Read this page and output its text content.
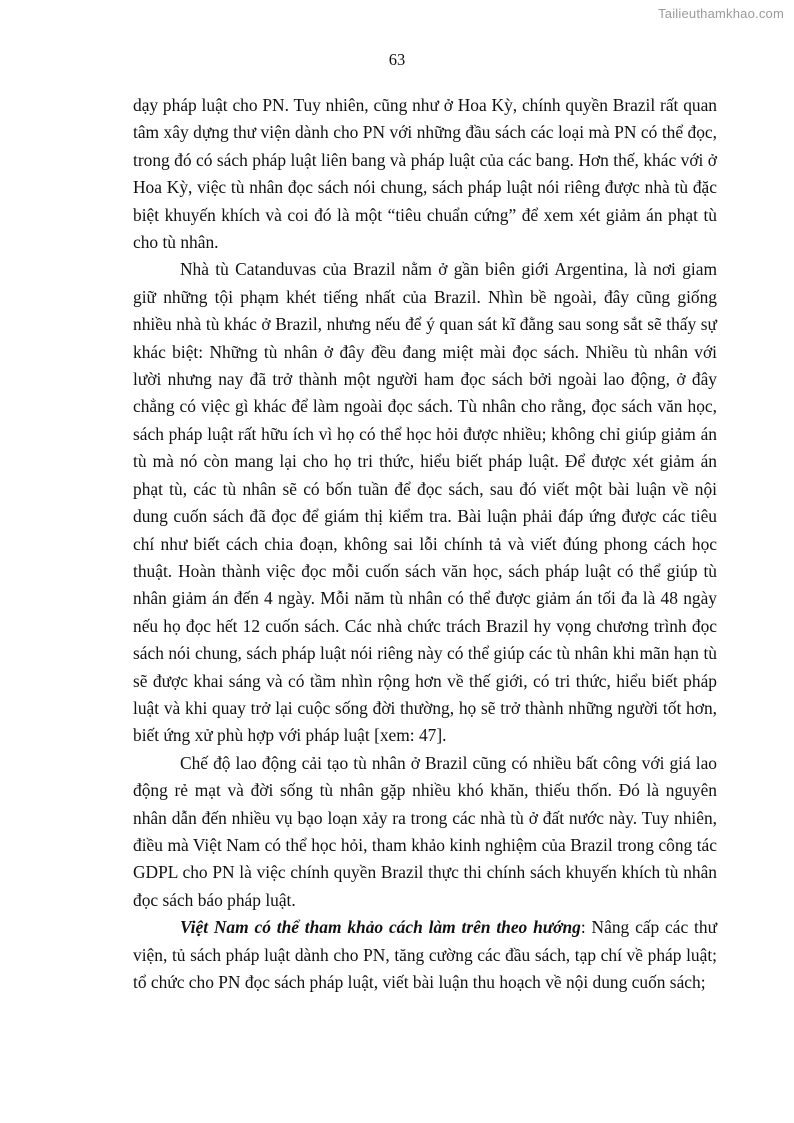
Tailieuthamkhao.com
63

dạy pháp luật cho PN. Tuy nhiên, cũng như ở Hoa Kỳ, chính quyền Brazil rất quan tâm xây dựng thư viện dành cho PN với những đầu sách các loại mà PN có thể đọc, trong đó có sách pháp luật liên bang và pháp luật của các bang. Hơn thế, khác với ở Hoa Kỳ, việc tù nhân đọc sách nói chung, sách pháp luật nói riêng được nhà tù đặc biệt khuyến khích và coi đó là một “tiêu chuẩn cứng” để xem xét giảm án phạt tù cho tù nhân.

Nhà tù Catanduvas của Brazil nằm ở gần biên giới Argentina, là nơi giam giữ những tội phạm khét tiếng nhất của Brazil. Nhìn bề ngoài, đây cũng giống nhiều nhà tù khác ở Brazil, nhưng nếu để ý quan sát kĩ đằng sau song sắt sẽ thấy sự khác biệt: Những tù nhân ở đây đều đang miệt mài đọc sách. Nhiều tù nhân với lười nhưng nay đã trở thành một người ham đọc sách bởi ngoài lao động, ở đây chẳng có việc gì khác để làm ngoài đọc sách. Tù nhân cho rằng, đọc sách văn học, sách pháp luật rất hữu ích vì họ có thể học hỏi được nhiều; không chỉ giúp giảm án tù mà nó còn mang lại cho họ tri thức, hiểu biết pháp luật. Để được xét giảm án phạt tù, các tù nhân sẽ có bốn tuần để đọc sách, sau đó viết một bài luận về nội dung cuốn sách đã đọc để giám thị kiểm tra. Bài luận phải đáp ứng được các tiêu chí như biết cách chia đoạn, không sai lỗi chính tả và viết đúng phong cách học thuật. Hoàn thành việc đọc mỗi cuốn sách văn học, sách pháp luật có thể giúp tù nhân giảm án đến 4 ngày. Mỗi năm tù nhân có thể được giảm án tối đa là 48 ngày nếu họ đọc hết 12 cuốn sách. Các nhà chức trách Brazil hy vọng chương trình đọc sách nói chung, sách pháp luật nói riêng này có thể giúp các tù nhân khi mãn hạn tù sẽ được khai sáng và có tầm nhìn rộng hơn về thế giới, có tri thức, hiểu biết pháp luật và khi quay trở lại cuộc sống đời thường, họ sẽ trở thành những người tốt hơn, biết ứng xử phù hợp với pháp luật [xem: 47].

Chế độ lao động cải tạo tù nhân ở Brazil cũng có nhiều bất công với giá lao động rẻ mạt và đời sống tù nhân gặp nhiều khó khăn, thiếu thốn. Đó là nguyên nhân dẫn đến nhiều vụ bạo loạn xảy ra trong các nhà tù ở đất nước này. Tuy nhiên, điều mà Việt Nam có thể học hỏi, tham khảo kinh nghiệm của Brazil trong công tác GDPL cho PN là việc chính quyền Brazil thực thi chính sách khuyến khích tù nhân đọc sách báo pháp luật.

Việt Nam có thể tham khảo cách làm trên theo hướng: Nâng cấp các thư viện, tủ sách pháp luật dành cho PN, tăng cường các đầu sách, tạp chí về pháp luật; tổ chức cho PN đọc sách pháp luật, viết bài luận thu hoạch về nội dung cuốn sách;
